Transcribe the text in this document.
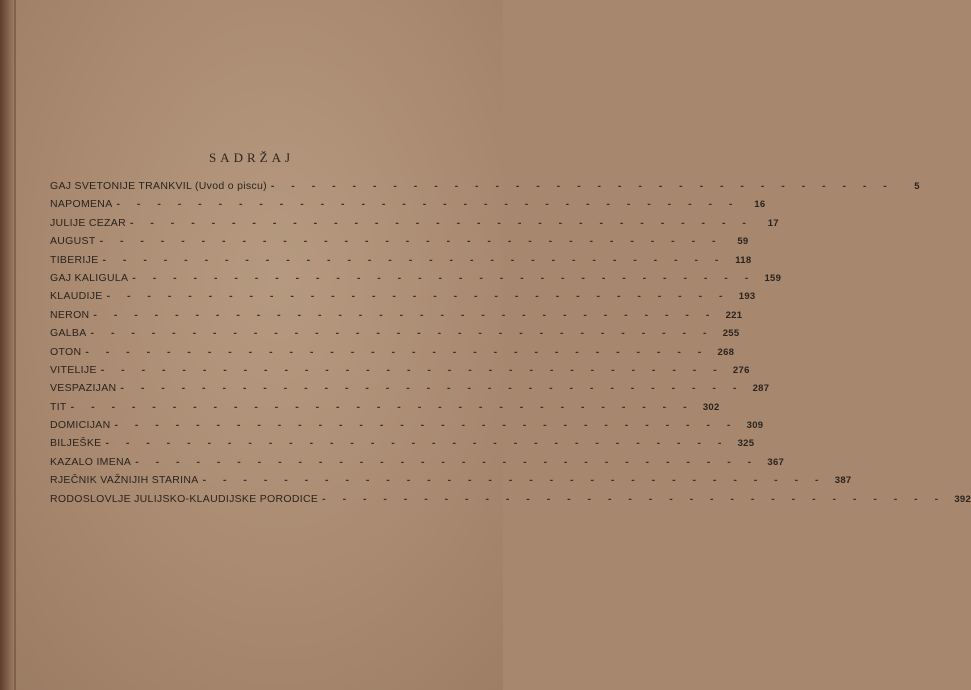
SADRŽAJ
GAJ SVETONIJE TRANKVIL (Uvod o piscu) - - - - - - - - - - - - - - - - - - - - - - - - - - - - - - -	5
NAPOMENA - - - - - - - - - - - - - - - - - - - - - - - - - - - - - - -	16
JULIJE CEZAR - - - - - - - - - - - - - - - - - - - - - - - - - - - - - - -	17
AUGUST - - - - - - - - - - - - - - - - - - - - - - - - - - - - - - -	59
TIBERIJE - - - - - - - - - - - - - - - - - - - - - - - - - - - - - - -	118
GAJ KALIGULA - - - - - - - - - - - - - - - - - - - - - - - - - - - - - - - 159
KLAUDIJE - - - - - - - - - - - - - - - - - - - - - - - - - - - - - - - 193
NERON - - - - - - - - - - - - - - - - - - - - - - - - - - - - - - - 221
GALBA - - - - - - - - - - - - - - - - - - - - - - - - - - - - - - - 255
OTON - - - - - - - - - - - - - - - - - - - - - - - - - - - - - - - 268
VITELIJE - - - - - - - - - - - - - - - - - - - - - - - - - - - - - - - 276
VESPAZIJAN - - - - - - - - - - - - - - - - - - - - - - - - - - - - - - - 287
TIT - - - - - - - - - - - - - - - - - - - - - - - - - - - - - - - 302
DOMICIJAN - - - - - - - - - - - - - - - - - - - - - - - - - - - - - - - 309
BILJEŠKE - - - - - - - - - - - - - - - - - - - - - - - - - - - - - - - 325
KAZALO IMENA - - - - - - - - - - - - - - - - - - - - - - - - - - - - - - - 367
RJEČNIK VAŽNIJIH STARINA - - - - - - - - - - - - - - - - - - - - - - - - - - - - - - - 387
RODOSLOVLJE JULIJSKO-KLAUDIJSKE PORODICE - - - - - - - - - - - - - - - - - - - - - - - - - - - - - - - 392
